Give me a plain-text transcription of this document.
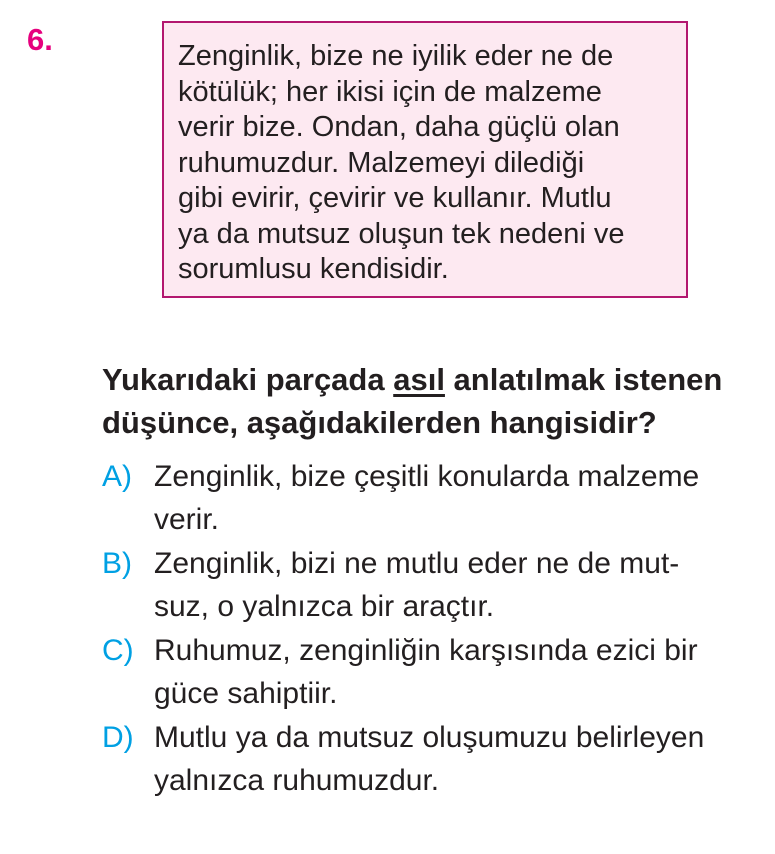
6.	Zenginlik, bize ne iyilik eder ne de
kötülük; her ikisi için de malzeme
verir bize. Ondan, daha güçlü olan
ruhumuzdur. Malzemeyi dilediği
gibi evirir, çevirir ve kullanır. Mutlu
ya da mutsuz oluşun tek nedeni ve
sorumlusu kendisidir.
Yukarıdaki parçada asıl anlatılmak istenen
düşünce, aşağıdakilerden hangisidir?
A) Zenginlik, bize çeşitli konularda malzeme
verir.
B) Zenginlik, bizi ne mutlu eder ne de mut-
suz, o yalnızca bir araçtır.
C) Ruhumuz, zenginliğin karşısında ezici bir
güce sahiptiir.
D) Mutlu ya da mutsuz oluşumuzu belirleyen
yalnızca ruhumuzdur.
